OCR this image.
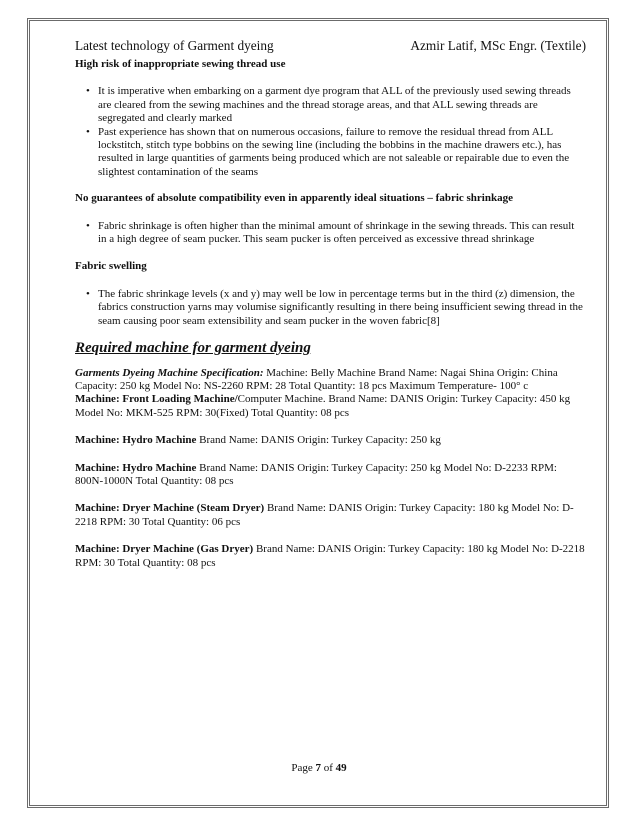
Latest technology of Garment dyeing	Azmir Latif, MSc Engr. (Textile)

High risk of inappropriate sewing thread use

• It is imperative when embarking on a garment dye program that ALL of the previously used sewing threads are cleared from the sewing machines and the thread storage areas, and that ALL sewing threads are segregated and clearly marked
• Past experience has shown that on numerous occasions, failure to remove the residual thread from ALL lockstitch, stitch type bobbins on the sewing line (including the bobbins in the machine drawers etc.), has resulted in large quantities of garments being produced which are not saleable or repairable due to even the slightest contamination of the seams

No guarantees of absolute compatibility even in apparently ideal situations – fabric shrinkage

• Fabric shrinkage is often higher than the minimal amount of shrinkage in the sewing threads. This can result in a high degree of seam pucker. This seam pucker is often perceived as excessive thread shrinkage

Fabric swelling

• The fabric shrinkage levels (x and y) may well be low in percentage terms but in the third (z) dimension, the fabrics construction yarns may volumise significantly resulting in there being insufficient sewing thread in the seam causing poor seam extensibility and seam pucker in the woven fabric[8]

Required machine for garment dyeing

Garments Dyeing Machine Specification: Machine: Belly Machine Brand Name: Nagai Shina Origin: China Capacity: 250 kg Model No: NS-2260 RPM: 28 Total Quantity: 18 pcs Maximum Temperature- 100° c

Machine: Front Loading Machine/Computer Machine. Brand Name: DANIS Origin: Turkey Capacity: 450 kg Model No: MKM-525 RPM: 30(Fixed) Total Quantity: 08 pcs

Machine: Hydro Machine Brand Name: DANIS Origin: Turkey Capacity: 250 kg

Machine: Hydro Machine Brand Name: DANIS Origin: Turkey Capacity: 250 kg Model No: D-2233 RPM: 800N-1000N Total Quantity: 08 pcs

Machine: Dryer Machine (Steam Dryer) Brand Name: DANIS Origin: Turkey Capacity: 180 kg Model No: D-2218 RPM: 30 Total Quantity: 06 pcs

Machine: Dryer Machine (Gas Dryer) Brand Name: DANIS Origin: Turkey Capacity: 180 kg Model No: D-2218 RPM: 30 Total Quantity: 08 pcs

Page 7 of 49
